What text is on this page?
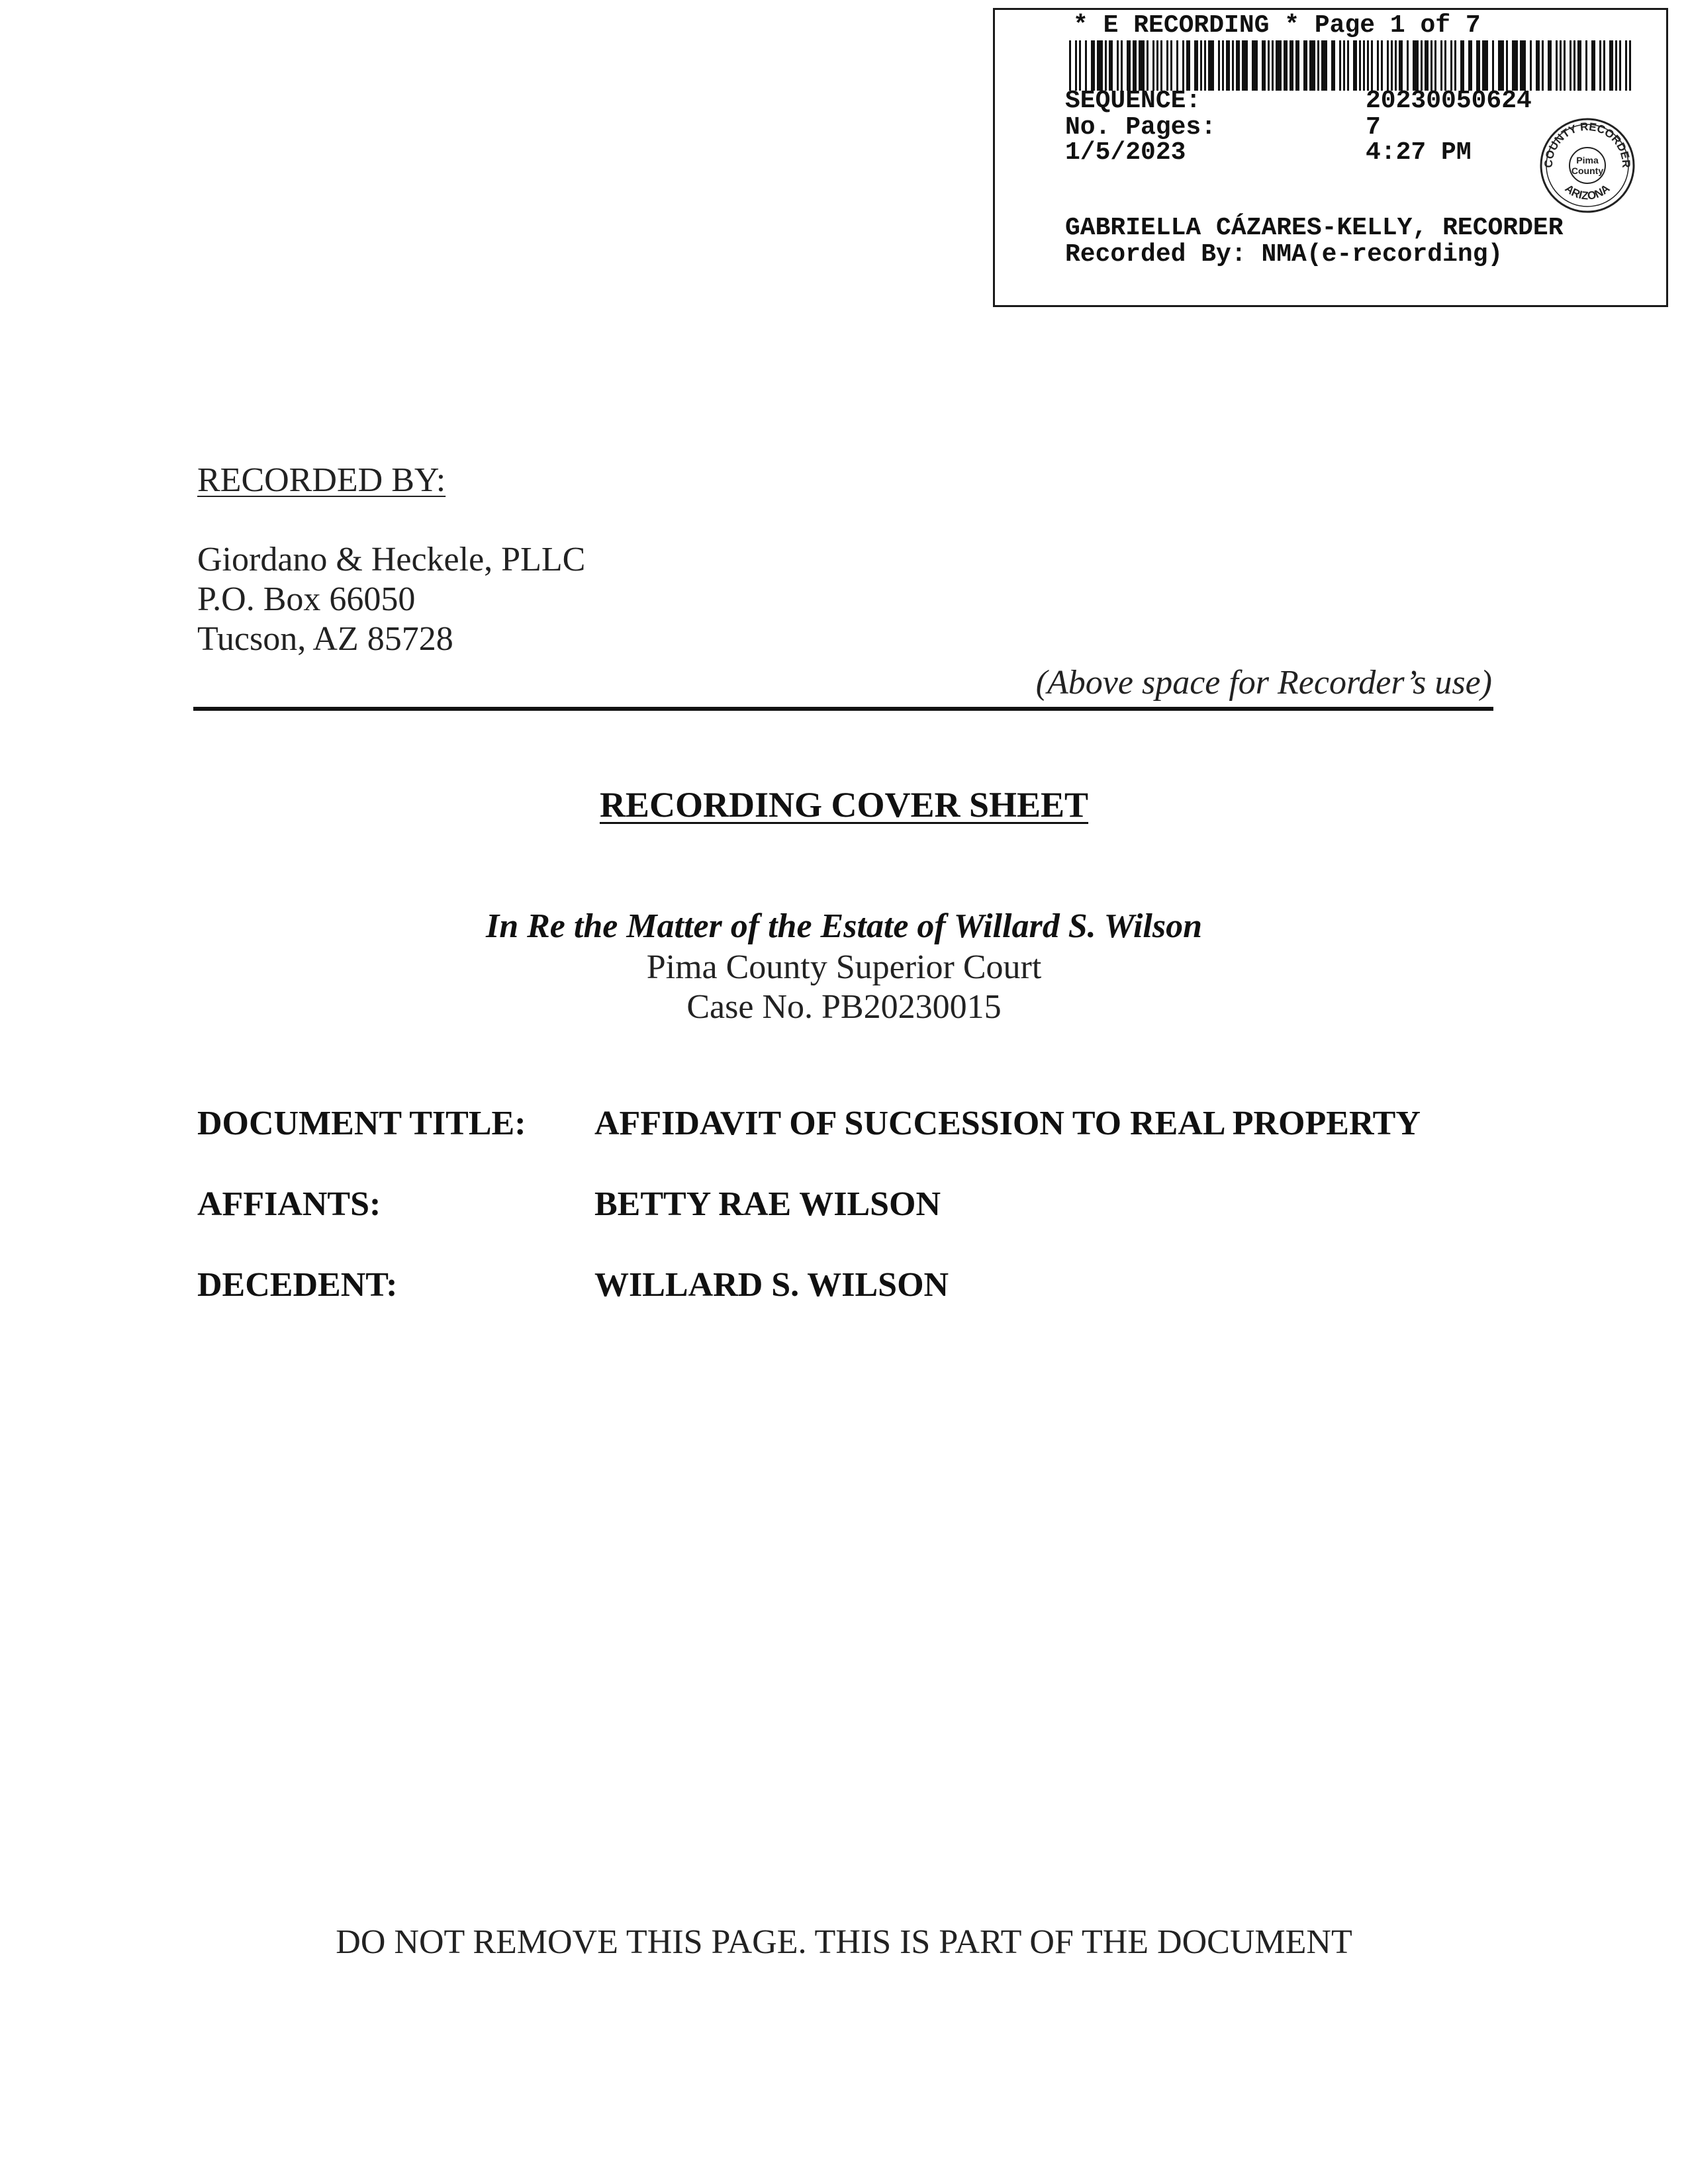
* E RECORDING * Page 1 of 7
SEQUENCE:	20230050624
No. Pages:	7
1/5/2023	4:27 PM	COUNTY RECORDER
ARIZONA
Pima
County
GABRIELLA CÁZARES-KELLY, RECORDER
Recorded By: NMA(e-recording)
RECORDED BY:
Giordano & Heckele, PLLC
P.O. Box 66050
Tucson, AZ 85728
(Above space for Recorder’s use)
RECORDING COVER SHEET
In Re the Matter of the Estate of Willard S. Wilson
Pima County Superior Court
Case No. PB20230015
DOCUMENT TITLE: AFFIDAVIT OF SUCCESSION TO REAL PROPERTY
AFFIANTS:	BETTY RAE WILSON
DECEDENT:	WILLARD S. WILSON
DO NOT REMOVE THIS PAGE. THIS IS PART OF THE DOCUMENT
